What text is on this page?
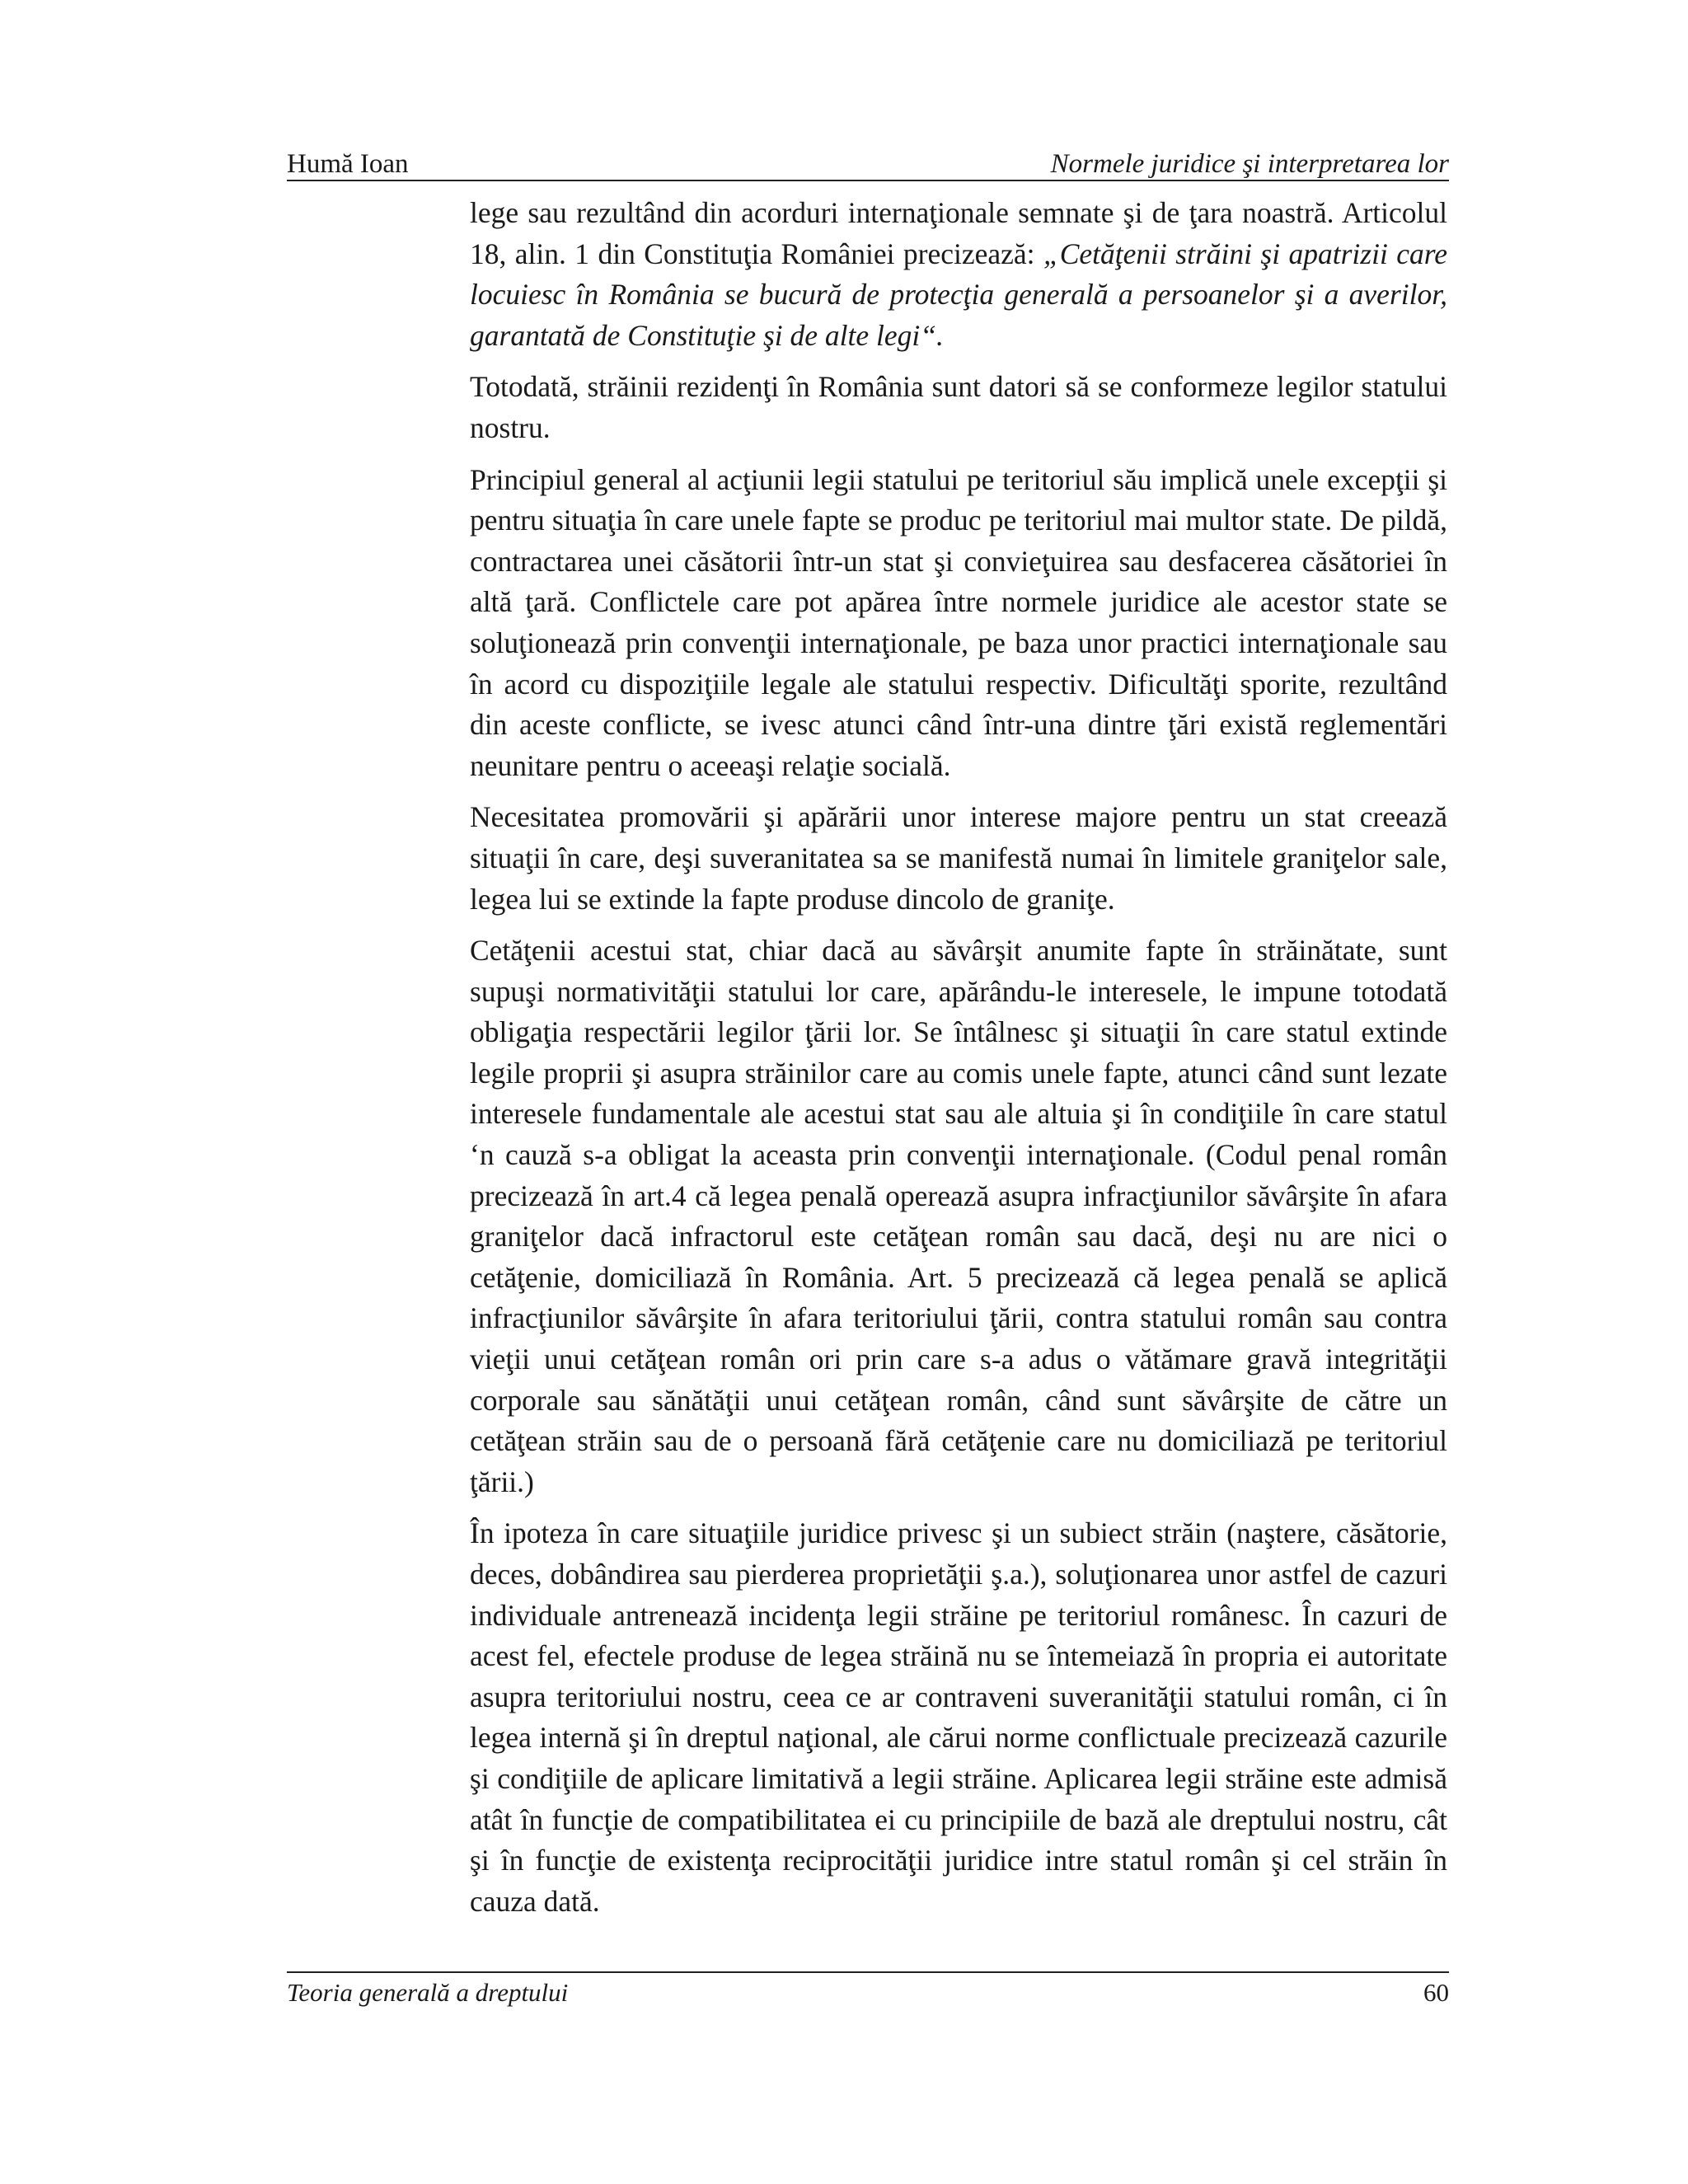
Humă Ioan	Normele juridice şi interpretarea lor

lege sau rezultând din acorduri internaţionale semnate şi de ţara noastră. Articolul 18, alin. 1 din Constituţia României precizează: „Cetăţenii străini şi apatrizii care locuiesc în România se bucură de protecţia generală a persoanelor şi a averilor, garantată de Constituţie şi de alte legi“.

Totodată, străinii rezidenţi în România sunt datori să se conformeze legilor statului nostru.

Principiul general al acţiunii legii statului pe teritoriul său implică unele excepţii şi pentru situaţia în care unele fapte se produc pe teritoriul mai multor state. De pildă, contractarea unei căsătorii într-un stat şi convieţuirea sau desfacerea căsătoriei în altă ţară. Conflictele care pot apărea între normele juridice ale acestor state se soluţionează prin convenţii internaţionale, pe baza unor practici internaţionale sau în acord cu dispoziţiile legale ale statului respectiv. Dificultăţi sporite, rezultând din aceste conflicte, se ivesc atunci când într-una dintre ţări există reglementări neunitare pentru o aceeaşi relaţie socială.

Necesitatea promovării şi apărării unor interese majore pentru un stat creează situaţii în care, deşi suveranitatea sa se manifestă numai în limitele graniţelor sale, legea lui se extinde la fapte produse dincolo de graniţe.

Cetăţenii acestui stat, chiar dacă au săvârşit anumite fapte în străinătate, sunt supuşi normativităţii statului lor care, apărându-le interesele, le impune totodată obligaţia respectării legilor ţării lor. Se întâlnesc şi situaţii în care statul extinde legile proprii şi asupra străinilor care au comis unele fapte, atunci când sunt lezate interesele fundamentale ale acestui stat sau ale altuia şi în condiţiile în care statul ‘n cauză s-a obligat la aceasta prin convenţii internaţionale. (Codul penal român precizează în art.4 că legea penală operează asupra infracţiunilor săvârşite în afara graniţelor dacă infractorul este cetăţean român sau dacă, deşi nu are nici o cetăţenie, domiciliază în România. Art. 5 precizează că legea penală se aplică infracţiunilor săvârşite în afara teritoriului ţării, contra statului român sau contra vieţii unui cetăţean român ori prin care s-a adus o vătămare gravă integrităţii corporale sau sănătăţii unui cetăţean român, când sunt săvârşite de către un cetăţean străin sau de o persoană fără cetăţenie care nu domiciliază pe teritoriul ţării.)

În ipoteza în care situaţiile juridice privesc şi un subiect străin (naştere, căsătorie, deces, dobândirea sau pierderea proprietăţii ş.a.), soluţionarea unor astfel de cazuri individuale antrenează incidenţa legii străine pe teritoriul românesc. În cazuri de acest fel, efectele produse de legea străină nu se întemeiază în propria ei autoritate asupra teritoriului nostru, ceea ce ar contraveni suveranităţii statului român, ci în legea internă şi în dreptul naţional, ale cărui norme conflictuale precizează cazurile şi condiţiile de aplicare limitativă a legii străine. Aplicarea legii străine este admisă atât în funcţie de compatibilitatea ei cu principiile de bază ale dreptului nostru, cât şi în funcţie de existenţa reciprocităţii juridice intre statul român şi cel străin în cauza dată.

Teoria generală a dreptului	60
